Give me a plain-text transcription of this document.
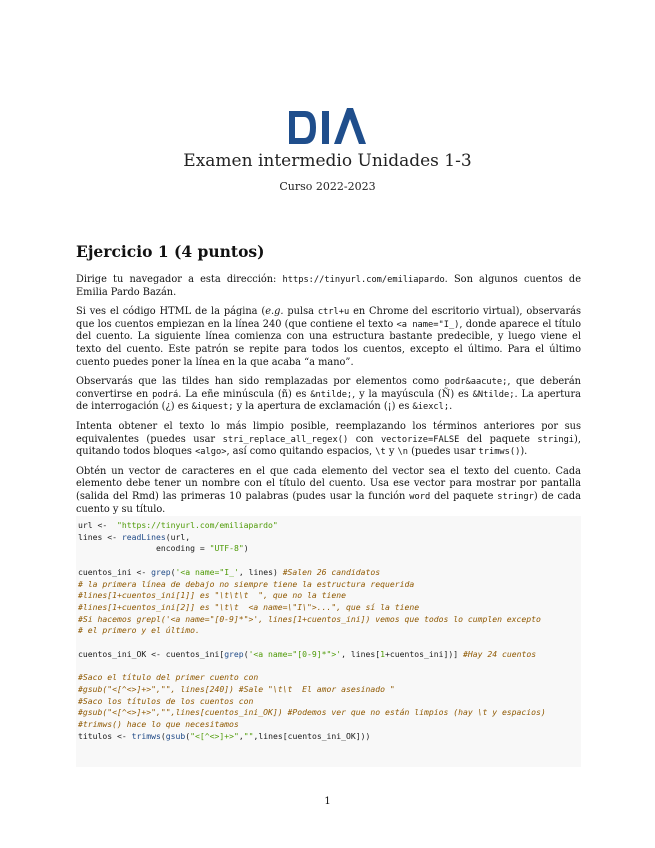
Examen intermedio Unidades 1-3
Curso 2022-2023
Ejercicio 1 (4 puntos)

Dirige tu navegador a esta dirección: https://tinyurl.com/emiliapardo. Son algunos cuentos de Emilia Pardo Bazán.

Si ves el código HTML de la página (e.g. pulsa ctrl+u en Chrome del escritorio virtual), observarás que los cuentos empiezan en la línea 240 (que contiene el texto <a name="I_), donde aparece el título del cuento. La siguiente línea comienza con una estructura bastante predecible, y luego viene el texto del cuento. Este patrón se repite para todos los cuentos, excepto el último. Para el último cuento puedes poner la línea en la que acaba “a mano”.

Observarás que las tildes han sido remplazadas por elementos como podr&aacute;, que deberán convertirse en podrá. La eñe minúscula (ñ) es &ntilde;, y la mayúscula (Ñ) es &Ntilde;. La apertura de interrogación (¿) es &iquest; y la apertura de exclamación (¡) es &iexcl;.

Intenta obtener el texto lo más limpio posible, reemplazando los términos anteriores por sus equivalentes (puedes usar stri_replace_all_regex() con vectorize=FALSE del paquete stringi), quitando todos bloques <algo>, así como quitando espacios, \t y \n (puedes usar trimws()).

Obtén un vector de caracteres en el que cada elemento del vector sea el texto del cuento. Cada elemento debe tener un nombre con el título del cuento. Usa ese vector para mostrar por pantalla (salida del Rmd) las primeras 10 palabras (pudes usar la función word del paquete stringr) de cada cuento y su título.

url <-  "https://tinyurl.com/emiliapardo"
lines <- readLines(url,
encoding = "UTF-8")

cuentos_ini <- grep('<a name="I_', lines) #Salen 26 candidatos
# la primera línea de debajo no siempre tiene la estructura requerida
#lines[1+cuentos_ini[1]] es "\t\t\t  ", que no la tiene
#lines[1+cuentos_ini[2]] es "\t\t  <a name=\"I\">...", que sí la tiene
#Si hacemos grepl('<a name="[0-9]*">', lines[1+cuentos_ini]) vemos que todos lo cumplen excepto
# el primero y el último.

cuentos_ini_OK <- cuentos_ini[grep('<a name="[0-9]*">', lines[1+cuentos_ini])] #Hay 24 cuentos

#Saco el título del primer cuento con
#gsub("<[^<>]+>","", lines[240]) #Sale "\t\t  El amor asesinado "
#Saco los títulos de los cuentos con
#gsub("<[^<>]+>","",lines[cuentos_ini_OK]) #Podemos ver que no están limpios (hay \t y espacios)
#trimws() hace lo que necesitamos
titulos <- trimws(gsub("<[^<>]+>","",lines[cuentos_ini_OK]))
1
